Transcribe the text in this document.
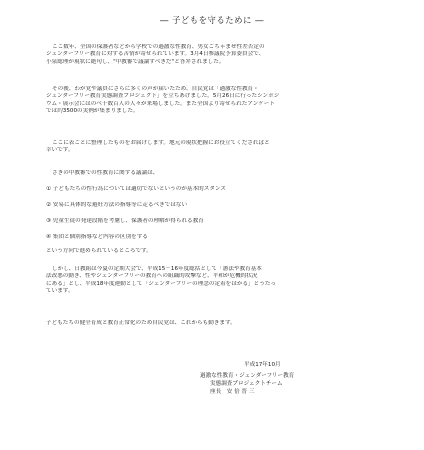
― 子どもを守るために ―
ここ数年、全国の保護者などから学校での過激な性教育、男女ごちゃまぜ性差否定の
ジェンダーフリー教育に対する苦情が寄せられています。3月4日参議院予算委員会で、
小泉総理が現状に絶句し、"中教審で議論すべきだ"と答弁されました。
その後、わが党や議員にさらに多くの声が届いたため、自民党は「過激な性教育・
ジェンダーフリー教育実態調査プロジェクト」を立ちあげました。5月26日に行ったシンポジ
ウム・展示会にはのべ千数百人の人々が来場しました。また全国より寄せられたアンケート
では約3500の実例が集まりました。
ここに表ごとに整理したものをお届けします。地元の現状把握にお役立てくださればと
幸いです。
さきの中教審での性教育に関する議論は、
① 子どもたちの性行為については適切でないというのが基本的スタンス
② 安易に具体的な避妊方法の指導等に走るべきではない
③ 児童生徒の発達段階を考慮し、保護者の理解が得られる教育
④ 集団と個別指導など内容の区別をする
という方向で進められているところです。
しかし、日教組は今夏の定期大会で、平成15－16年度総括として「憲法や教育基本
法改悪の動き、性やジェンダーフリーの教育への組織的攻撃など、平和が危機的状況
にある」とし、平成18年度運動として「ジェンダーフリーの理念の定着をはかる」とうたっ
ています。
子どもたちの健全育成と教育正常化のため自民党は、これからも動きます。
平成17年10月
過激な性教育・ジェンダーフリー教育
実態調査プロジェクトチーム
座長　安 倍 晋 三
